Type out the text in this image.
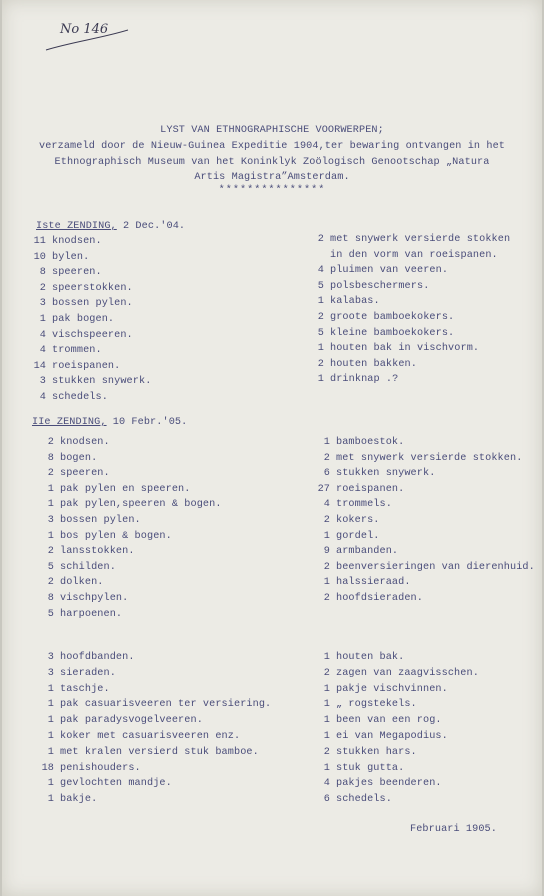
No 146
LYST VAN ETHNOGRAPHISCHE VOORWERPEN;
verzameld door de Nieuw-Guinea Expeditie 1904,ter bewaring ontvangen in het
Ethnographisch Museum van het Koninklyk Zoölogisch Genootschap „Natura
Artis Magistra”Amsterdam.
***************
Iste ZENDING, 2 Dec.'04.
11 knodsen.
10 bylen.
8 speeren.
2 speerstokken.
3 bossen pylen.
1 pak bogen.
4 vischspeeren.
4 trommen.
14 roeispanen.
3 stukken snywerk.
4 schedels.
2 met snywerk versierde stokken
in den vorm van roeispanen.
4 pluimen van veeren.
5 polsbeschermers.
1 kalabas.
2 groote bamboekokers.
5 kleine bamboekokers.
1 houten bak in vischvorm.
2 houten bakken.
1 drinknap .?
IIe ZENDING, 10 Febr.'05.
2 knodsen.
8 bogen.
2 speeren.
1 pak pylen en speeren.
1 pak pylen,speeren & bogen.
3 bossen pylen.
1 bos pylen & bogen.
2 lansstokken.
5 schilden.
2 dolken.
8 vischpylen.
5 harpoenen.
1 bamboestok.
2 met snywerk versierde stokken.
6 stukken snywerk.
27 roeispanen.
4 trommels.
2 kokers.
1 gordel.
9 armbanden.
2 beenversieringen van dierenhuid.
1 halssieraad.
2 hoofdsieraden.
3 hoofdbanden.
3 sieraden.
1 taschje.
1 pak casuarisveeren ter versiering.
1 pak paradysvogelveeren.
1 koker met casuarisveeren enz.
1 met kralen versierd stuk bamboe.
18 penishouders.
1 gevlochten mandje.
1 bakje.
1 houten bak.
2 zagen van zaagvisschen.
1 pakje vischvinnen.
1 „ rogstekels.
1 been van een rog.
1 ei van Megapodius.
2 stukken hars.
1 stuk gutta.
4 pakjes beenderen.
6 schedels.
Februari 1905.
